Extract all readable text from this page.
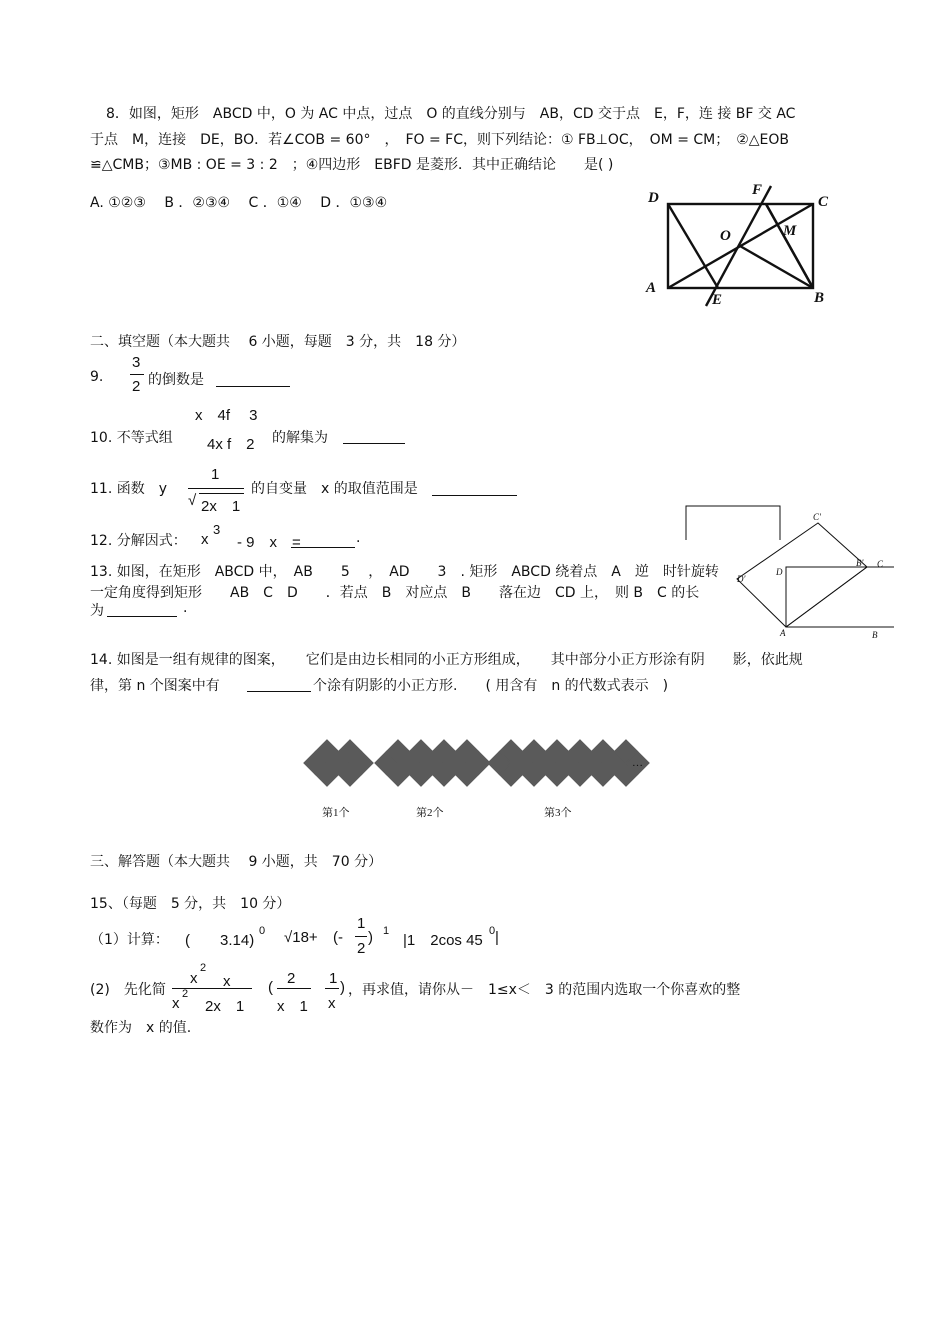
8．如图，矩形　ABCD 中，O 为 AC 中点，过点　O 的直线分别与　AB，CD 交于点　E，F，连 接 BF 交 AC
于点　M，连接　DE，BO．若∠COB = 60°　，　FO = FC，则下列结论：① FB⊥OC，　OM = CM；　②△EOB
≌△CMB；③MB : OE = 3 : 2　；④四边形　EBFD 是菱形．其中正确结论　　是( )
A. ①②③　 B ．②③④　 C ．①④　 D ．①③④	D	F
C
O	M
A
E	B
二、填空题（本大题共　 6 小题，每题　3 分，共　18 分）
9.
3
2 的倒数是
x　4f　 3
10. 不等式组 4x f　2 的解集为
1
11. 函数　y
√ 2x　1
的自变量　x 的取值范围是
12. 分解因式： x
3
- 9　x　=	.
13. 如图，在矩形　ABCD 中，　AB　　5　 ，　AD　　3　. 矩形　ABCD 绕着点　A　逆　时针旋转
一定角度得到矩形　　AB　C　D　　．若点　B　对应点　B　　落在边　CD 上，　则 B　C 的长
为	.
C'
D'
D
B' C
A	B
14. 如图是一组有规律的图案，　　它们是由边长相同的小正方形组成，　　其中部分小正方形涂有阴　　影，依此规
律，第 n 个图案中有	个涂有阴影的小正方形.　　( 用含有　n 的代数式表示　)
第1个	第2个	第3个
…
三、解答题（本大题共　 9 小题，共　70 分）
15、（每题　5 分，共　10 分）
（1）计算： (　　3.14)
0 √18+ (-
1
2
) 1
|1　2cos 45
0 |
(2)　先化简
x
2
　x
x
2
　2x　1
(
2
x　1
1
x
) ，再求值，请你从－　1≤x＜　3 的范围内选取一个你喜欢的整
数作为　x 的值.
